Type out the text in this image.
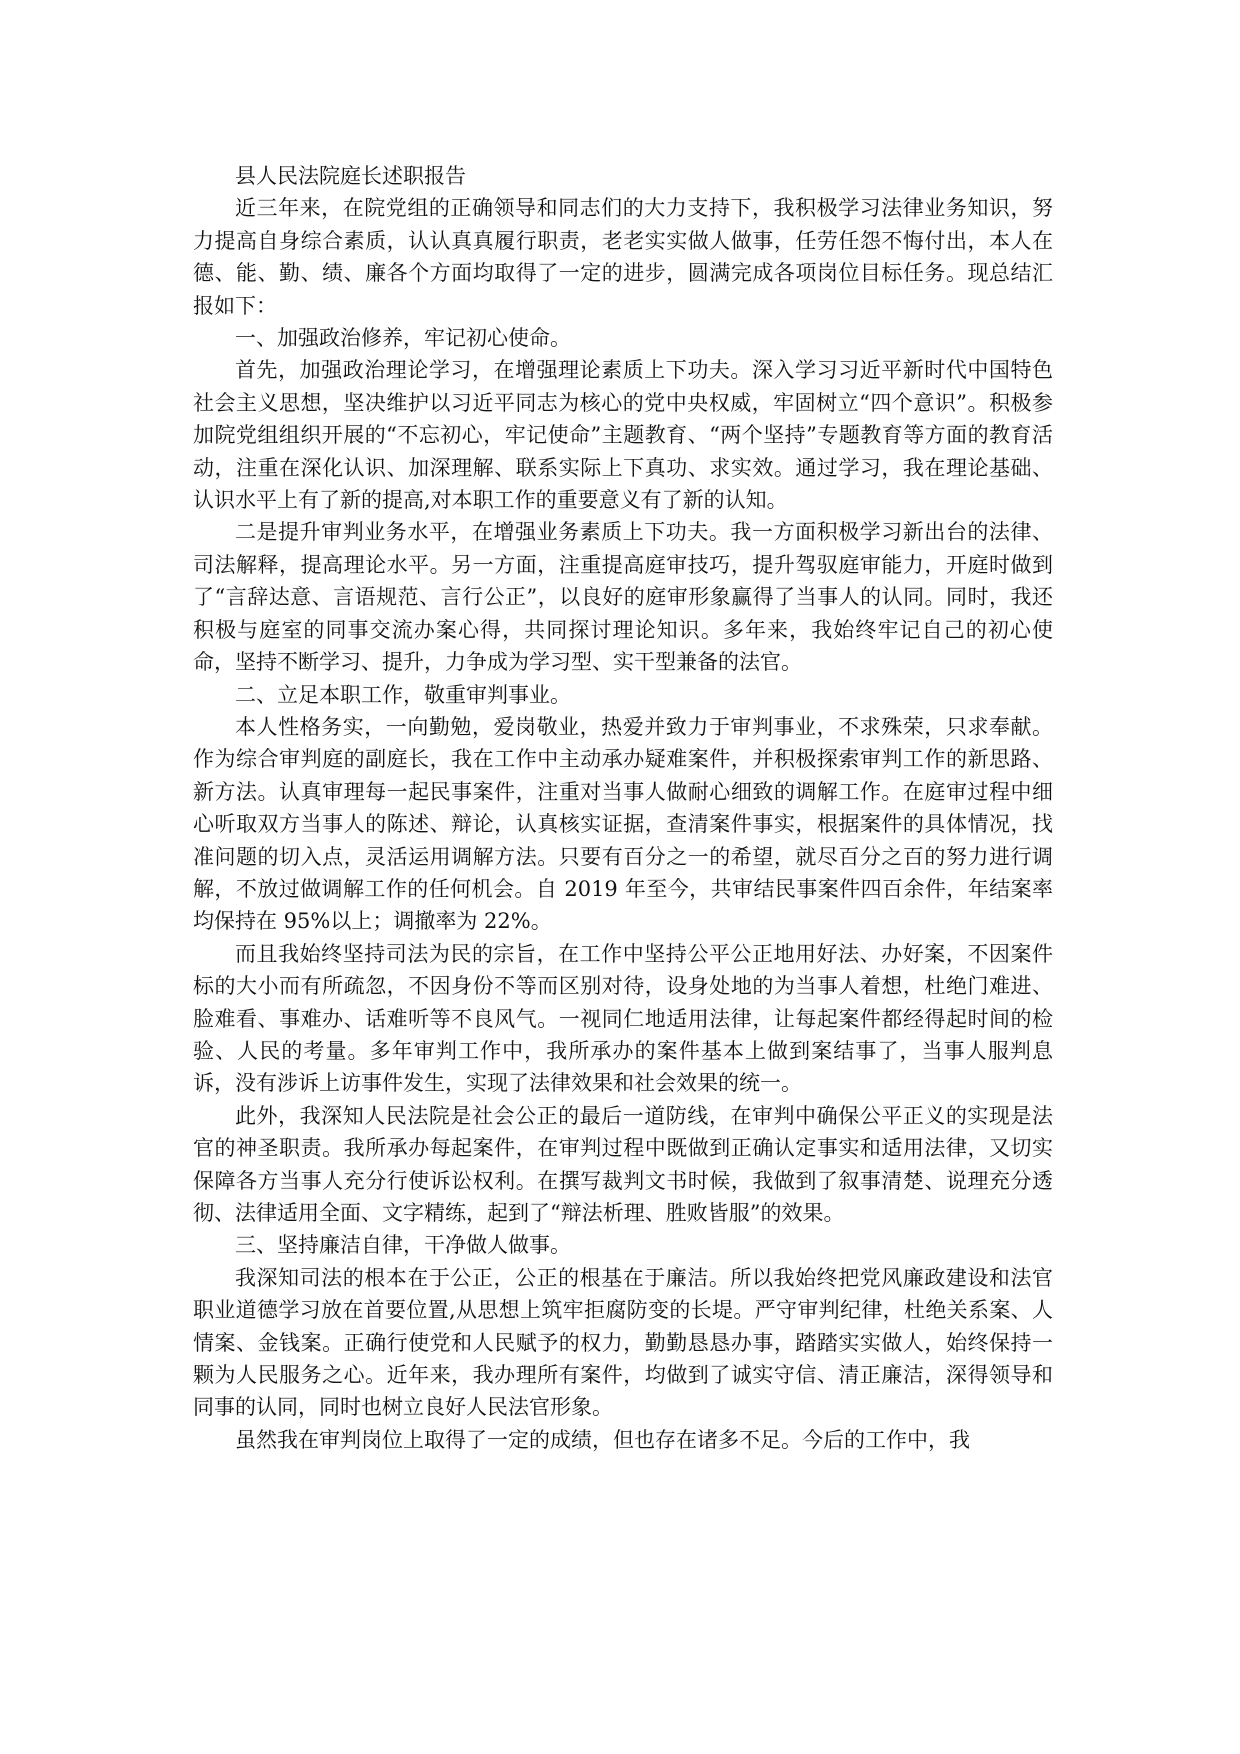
县人民法院庭长述职报告

近三年来，在院党组的正确领导和同志们的大力支持下，我积极学习法律业务知识，努力提高自身综合素质，认认真真履行职责，老老实实做人做事，任劳任怨不悔付出，本人在德、能、勤、绩、廉各个方面均取得了一定的进步，圆满完成各项岗位目标任务。现总结汇报如下：

一、加强政治修养，牢记初心使命。

首先，加强政治理论学习，在增强理论素质上下功夫。深入学习习近平新时代中国特色社会主义思想，坚决维护以习近平同志为核心的党中央权威，牢固树立“四个意识”。积极参加院党组组织开展的“不忘初心，牢记使命”主题教育、“两个坚持”专题教育等方面的教育活动，注重在深化认识、加深理解、联系实际上下真功、求实效。通过学习，我在理论基础、认识水平上有了新的提高,对本职工作的重要意义有了新的认知。

二是提升审判业务水平，在增强业务素质上下功夫。我一方面积极学习新出台的法律、司法解释，提高理论水平。另一方面，注重提高庭审技巧，提升驾驭庭审能力，开庭时做到了“言辞达意、言语规范、言行公正”，以良好的庭审形象赢得了当事人的认同。同时，我还积极与庭室的同事交流办案心得，共同探讨理论知识。多年来，我始终牢记自己的初心使命，坚持不断学习、提升，力争成为学习型、实干型兼备的法官。

二、立足本职工作，敬重审判事业。

本人性格务实，一向勤勉，爱岗敬业，热爱并致力于审判事业，不求殊荣，只求奉献。作为综合审判庭的副庭长，我在工作中主动承办疑难案件，并积极探索审判工作的新思路、新方法。认真审理每一起民事案件，注重对当事人做耐心细致的调解工作。在庭审过程中细心听取双方当事人的陈述、辩论，认真核实证据，查清案件事实，根据案件的具体情况，找准问题的切入点，灵活运用调解方法。只要有百分之一的希望，就尽百分之百的努力进行调解，不放过做调解工作的任何机会。自 2019 年至今，共审结民事案件四百余件，年结案率均保持在 95%以上；调撤率为 22%。

而且我始终坚持司法为民的宗旨，在工作中坚持公平公正地用好法、办好案，不因案件标的大小而有所疏忽，不因身份不等而区别对待，设身处地的为当事人着想，杜绝门难进、脸难看、事难办、话难听等不良风气。一视同仁地适用法律，让每起案件都经得起时间的检验、人民的考量。多年审判工作中，我所承办的案件基本上做到案结事了，当事人服判息诉，没有涉诉上访事件发生，实现了法律效果和社会效果的统一。

此外，我深知人民法院是社会公正的最后一道防线，在审判中确保公平正义的实现是法官的神圣职责。我所承办每起案件，在审判过程中既做到正确认定事实和适用法律，又切实保障各方当事人充分行使诉讼权利。在撰写裁判文书时候，我做到了叙事清楚、说理充分透彻、法律适用全面、文字精练，起到了“辩法析理、胜败皆服”的效果。

三、坚持廉洁自律，干净做人做事。

我深知司法的根本在于公正，公正的根基在于廉洁。所以我始终把党风廉政建设和法官职业道德学习放在首要位置,从思想上筑牢拒腐防变的长堤。严守审判纪律，杜绝关系案、人情案、金钱案。正确行使党和人民赋予的权力，勤勤恳恳办事，踏踏实实做人，始终保持一颗为人民服务之心。近年来，我办理所有案件，均做到了诚实守信、清正廉洁，深得领导和同事的认同，同时也树立良好人民法官形象。

虽然我在审判岗位上取得了一定的成绩，但也存在诸多不足。今后的工作中，我
